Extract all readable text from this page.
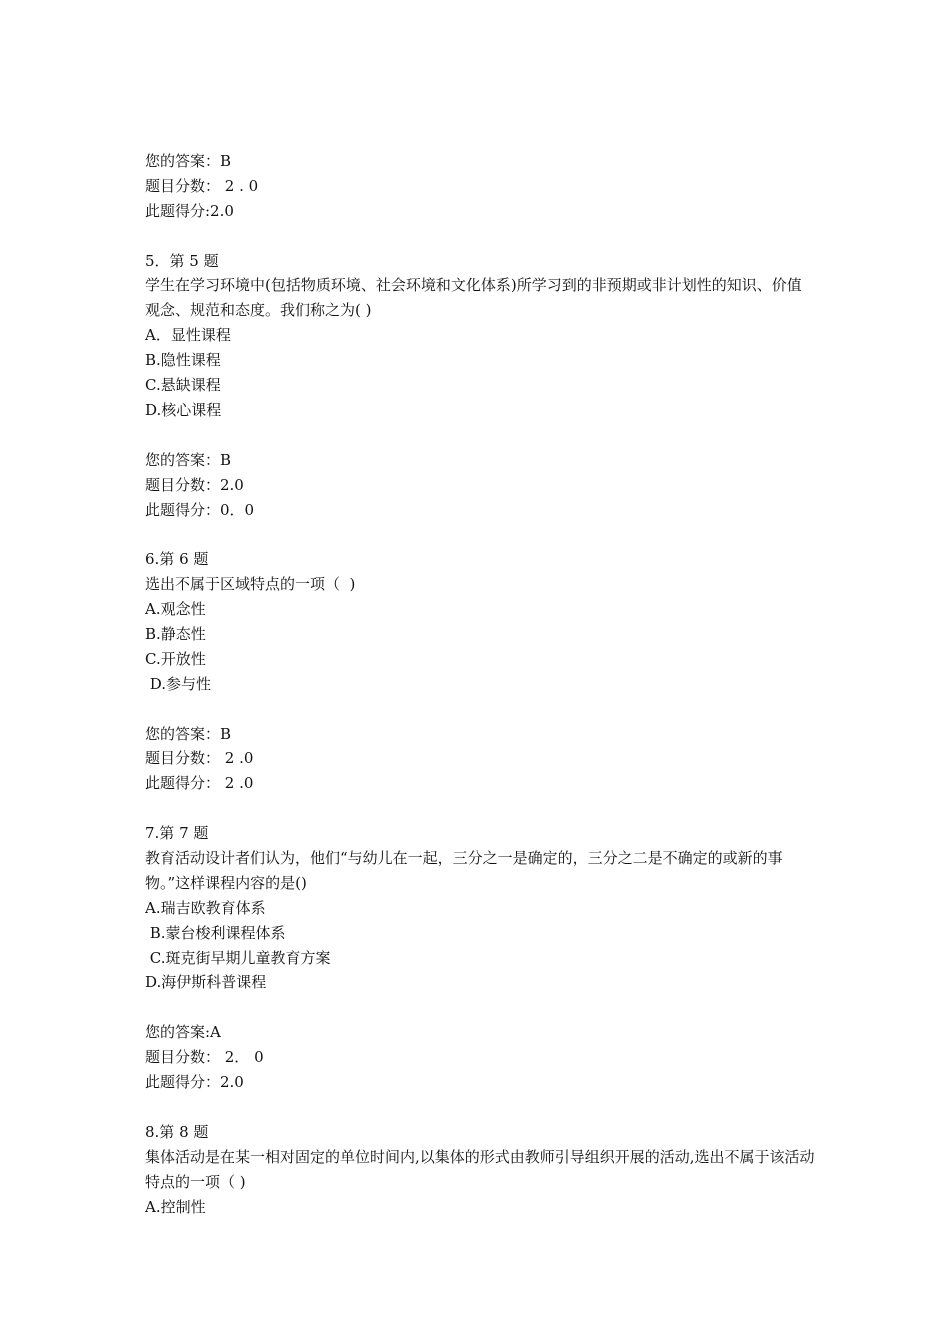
您的答案：B
题目分数： 2 . 0
此题得分:2.0
5．第 5 题
学生在学习环境中(包括物质环境、社会环境和文化体系)所学习到的非预期或非计划性的知识、价值观念、规范和态度。我们称之为( )
A．显性课程
B.隐性课程
C.悬缺课程
D.核心课程
您的答案：B
题目分数：2.0
此题得分：0．0
6.第 6 题
选出不属于区域特点的一项（  )
A.观念性
B.静态性
C.开放性
D.参与性
您的答案：B
题目分数： 2 .0
此题得分： 2 .0
7.第 7 题
教育活动设计者们认为，他们“与幼儿在一起，三分之一是确定的，三分之二是不确定的或新的事物。”这样课程内容的是()
A.瑞吉欧教育体系
B.蒙台梭利课程体系
C.斑克街早期儿童教育方案
D.海伊斯科普课程
您的答案:A
题目分数： 2． 0
此题得分：2.0
8.第 8 题
集体活动是在某一相对固定的单位时间内,以集体的形式由教师引导组织开展的活动,选出不属于该活动特点的一项（ )
A.控制性
